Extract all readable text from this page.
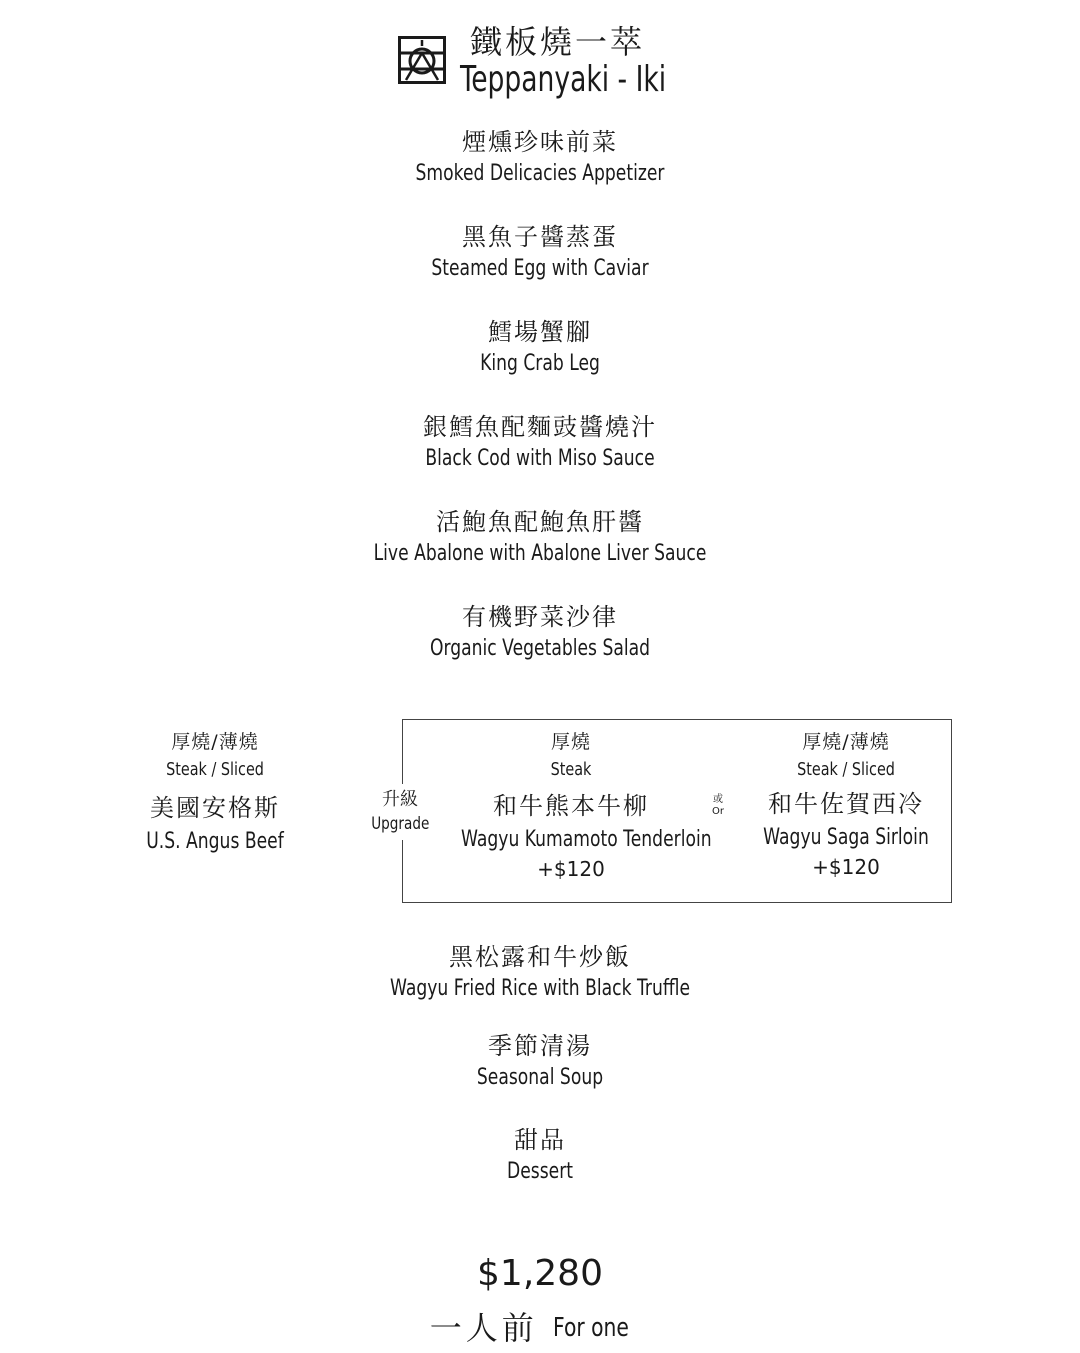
鐵板燒一萃
Teppanyaki - Iki
煙燻珍味前菜
Smoked Delicacies Appetizer
黑魚子醬蒸蛋
Steamed Egg with Caviar
鱈場蟹腳
King Crab Leg
銀鱈魚配麵豉醬燒汁
Black Cod with Miso Sauce
活鮑魚配鮑魚肝醬
Live Abalone with Abalone Liver Sauce
有機野菜沙律
Organic Vegetables Salad
厚燒/薄燒
Steak / Sliced
美國安格斯
U.S. Angus Beef
升級
Upgrade
厚燒
Steak
和牛熊本牛柳
Wagyu Kumamoto Tenderloin
+$120
或
Or
厚燒/薄燒
Steak / Sliced
和牛佐賀西冷
Wagyu Saga Sirloin
+$120
黑松露和牛炒飯
Wagyu Fried Rice with Black Truffle
季節清湯
Seasonal Soup
甜品
Dessert
$1,280
一人前 For one
